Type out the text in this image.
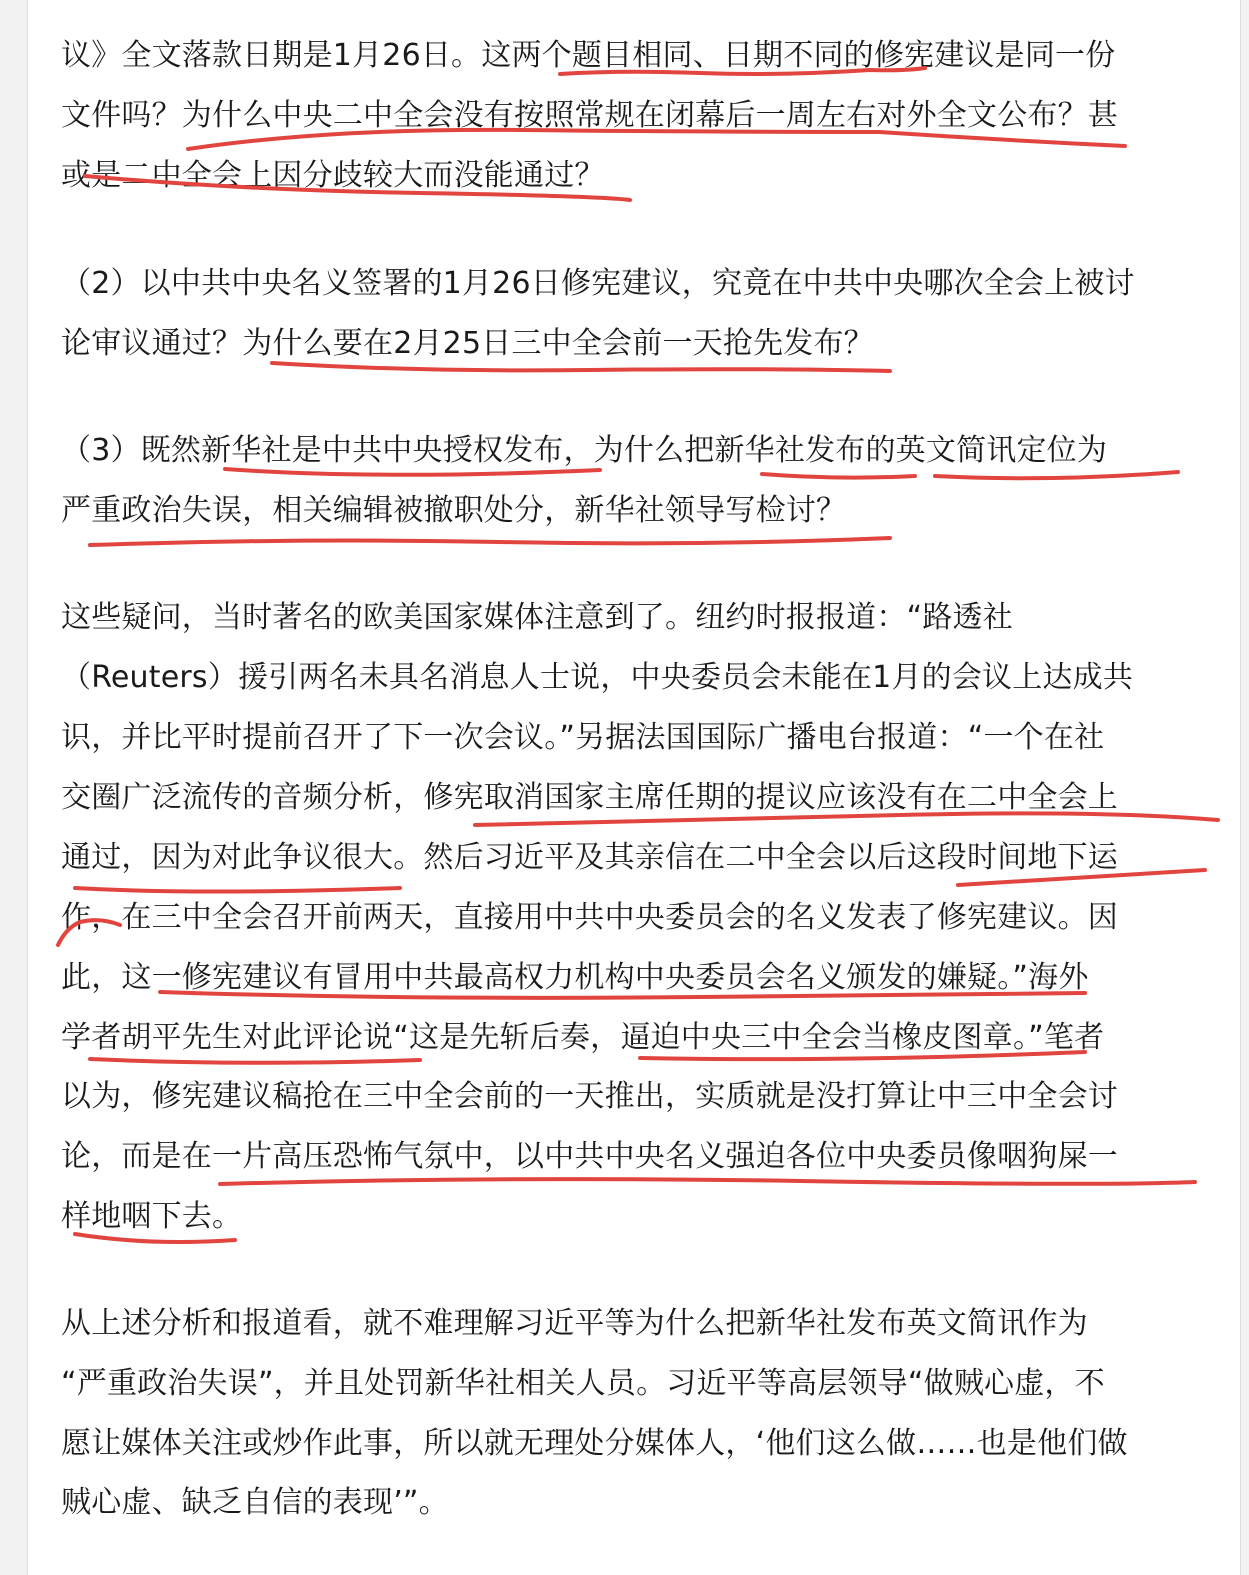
议》全文落款日期是1月26日。这两个题目相同、日期不同的修宪建议是同一份
文件吗？为什么中央二中全会没有按照常规在闭幕后一周左右对外全文公布？甚
或是二中全会上因分歧较大而没能通过？
（2）以中共中央名义签署的1月26日修宪建议，究竟在中共中央哪次全会上被讨
论审议通过？为什么要在2月25日三中全会前一天抢先发布？
（3）既然新华社是中共中央授权发布，为什么把新华社发布的英文简讯定位为
严重政治失误，相关编辑被撤职处分，新华社领导写检讨？
这些疑问，当时著名的欧美国家媒体注意到了。纽约时报报道：“路透社
（Reuters）援引两名未具名消息人士说，中央委员会未能在1月的会议上达成共
识，并比平时提前召开了下一次会议。”另据法国国际广播电台报道：“一个在社
交圈广泛流传的音频分析，修宪取消国家主席任期的提议应该没有在二中全会上
通过，因为对此争议很大。然后习近平及其亲信在二中全会以后这段时间地下运
作，在三中全会召开前两天，直接用中共中央委员会的名义发表了修宪建议。因
此，这一修宪建议有冒用中共最高权力机构中央委员会名义颁发的嫌疑。”海外
学者胡平先生对此评论说“这是先斩后奏，逼迫中央三中全会当橡皮图章。”笔者
以为，修宪建议稿抢在三中全会前的一天推出，实质就是没打算让中三中全会讨
论，而是在一片高压恐怖气氛中，以中共中央名义强迫各位中央委员像咽狗屎一
样地咽下去。
从上述分析和报道看，就不难理解习近平等为什么把新华社发布英文简讯作为
“严重政治失误”，并且处罚新华社相关人员。习近平等高层领导“做贼心虚，不
愿让媒体关注或炒作此事，所以就无理处分媒体人，‘他们这么做……也是他们做
贼心虚、缺乏自信的表现’”。
